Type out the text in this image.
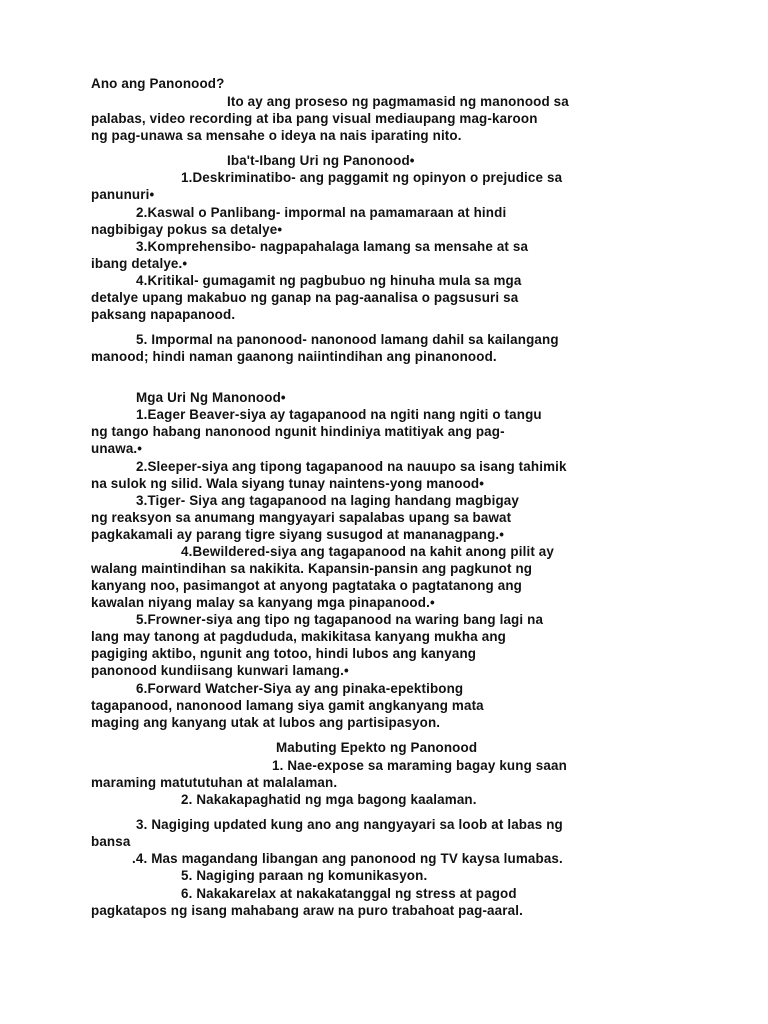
Ano ang Panonood?
Ito ay ang proseso ng pagmamasid ng manonood sa
palabas, video recording at iba pang visual mediaupang mag-karoon
ng pag-unawa sa mensahe o ideya na nais iparating nito.
Iba't-Ibang Uri ng Panonood•
1.Deskriminatibo- ang paggamit ng opinyon o prejudice sa
panunuri•
2.Kaswal o Panlibang- impormal na pamamaraan at hindi
nagbibigay pokus sa detalye•
3.Komprehensibo- nagpapahalaga lamang sa mensahe at sa
ibang detalye.•
4.Kritikal- gumagamit ng pagbubuo ng hinuha mula sa mga
detalye upang makabuo ng ganap na pag-aanalisa o pagsusuri sa
paksang napapanood.
5. Impormal na panonood- nanonood lamang dahil sa kailangang
manood; hindi naman gaanong naiintindihan ang pinanonood.
Mga Uri Ng Manonood•
1.Eager Beaver-siya ay tagapanood na ngiti nang ngiti o tangu
ng tango habang nanonood ngunit hindiniya matitiyak ang pag-
unawa.•
2.Sleeper-siya ang tipong tagapanood na nauupo sa isang tahimik
na sulok ng silid. Wala siyang tunay naintens-yong manood•
3.Tiger- Siya ang tagapanood na laging handang magbigay
ng reaksyon sa anumang mangyayari sapalabas upang sa bawat
pagkakamali ay parang tigre siyang susugod at mananagpang.•
4.Bewildered-siya ang tagapanood na kahit anong pilit ay
walang maintindihan sa nakikita. Kapansin-pansin ang pagkunot ng
kanyang noo, pasimangot at anyong pagtataka o pagtatanong ang
kawalan niyang malay sa kanyang mga pinapanood.•
5.Frowner-siya ang tipo ng tagapanood na waring bang lagi na
lang may tanong at pagdududa, makikitasa kanyang mukha ang
pagiging aktibo, ngunit ang totoo, hindi lubos ang kanyang
panonood kundiisang kunwari lamang.•
6.Forward Watcher-Siya ay ang pinaka-epektibong
tagapanood, nanonood lamang siya gamit angkanyang mata
maging ang kanyang utak at lubos ang partisipasyon.
Mabuting Epekto ng Panonood
1. Nae-expose sa maraming bagay kung saan
maraming matututuhan at malalaman.
2. Nakakapaghatid ng mga bagong kaalaman.
3. Nagiging updated kung ano ang nangyayari sa loob at labas ng
bansa
.4. Mas magandang libangan ang panonood ng TV kaysa lumabas.
5. Nagiging paraan ng komunikasyon.
6. Nakakarelax at nakakatanggal ng stress at pagod
pagkatapos ng isang mahabang araw na puro trabahoat pag-aaral.
